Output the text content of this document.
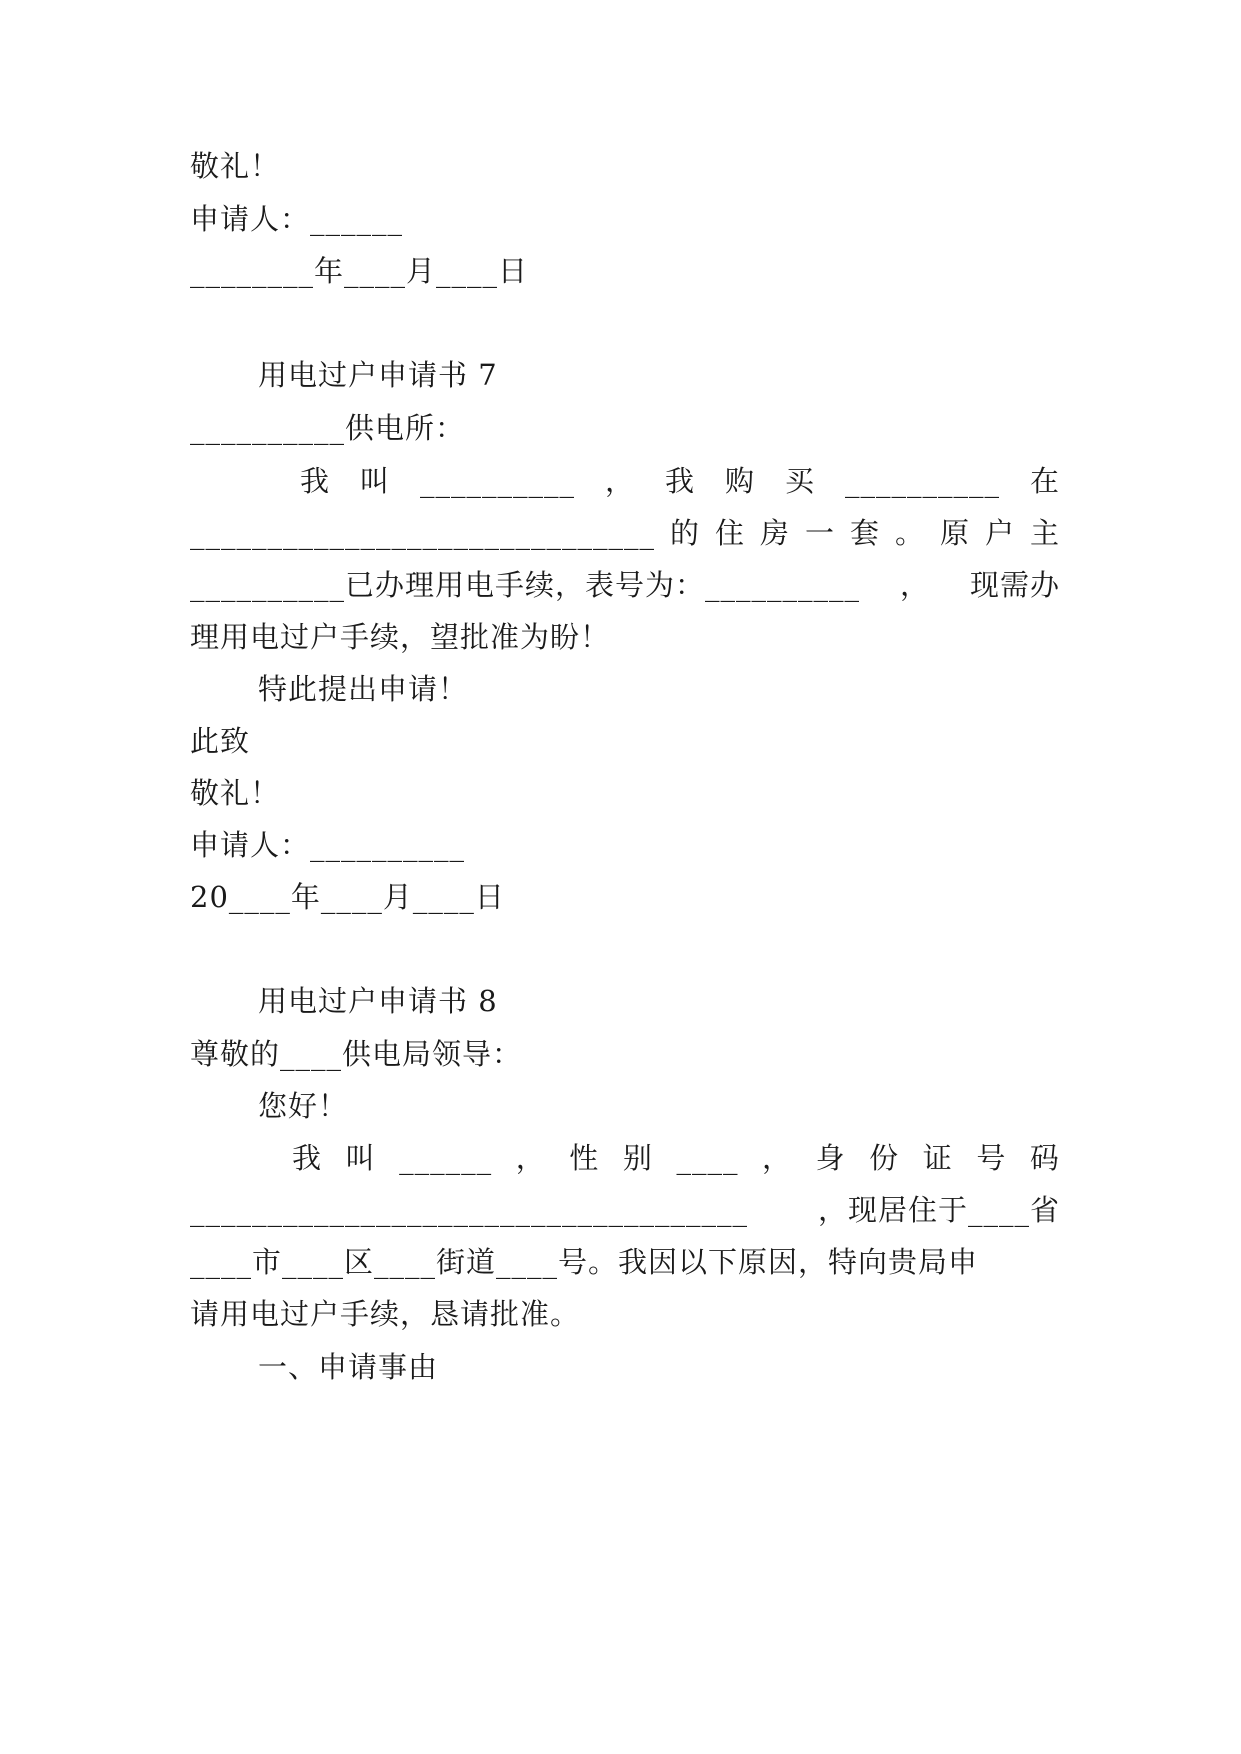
敬礼！
申请人：______
________年____月____日
用电过户申请书 7
__________供电所：
我 叫 __________ ， 我 购 买 __________ 在
______________________________ 的 住 房 一 套 。 原 户 主
__________已办理用电手续，表号为：__________ ， 现需办
理用电过户手续，望批准为盼！
特此提出申请！
此致
敬礼！
申请人：__________
20____年____月____日
用电过户申请书 8
尊敬的____供电局领导：
您好！
我 叫 ______ ， 性 别 ____ ， 身 份 证 号 码
____________________________________ ，现居住于____省
____市____区____街道____号。我因以下原因，特向贵局申
请用电过户手续，恳请批准。
一、申请事由
